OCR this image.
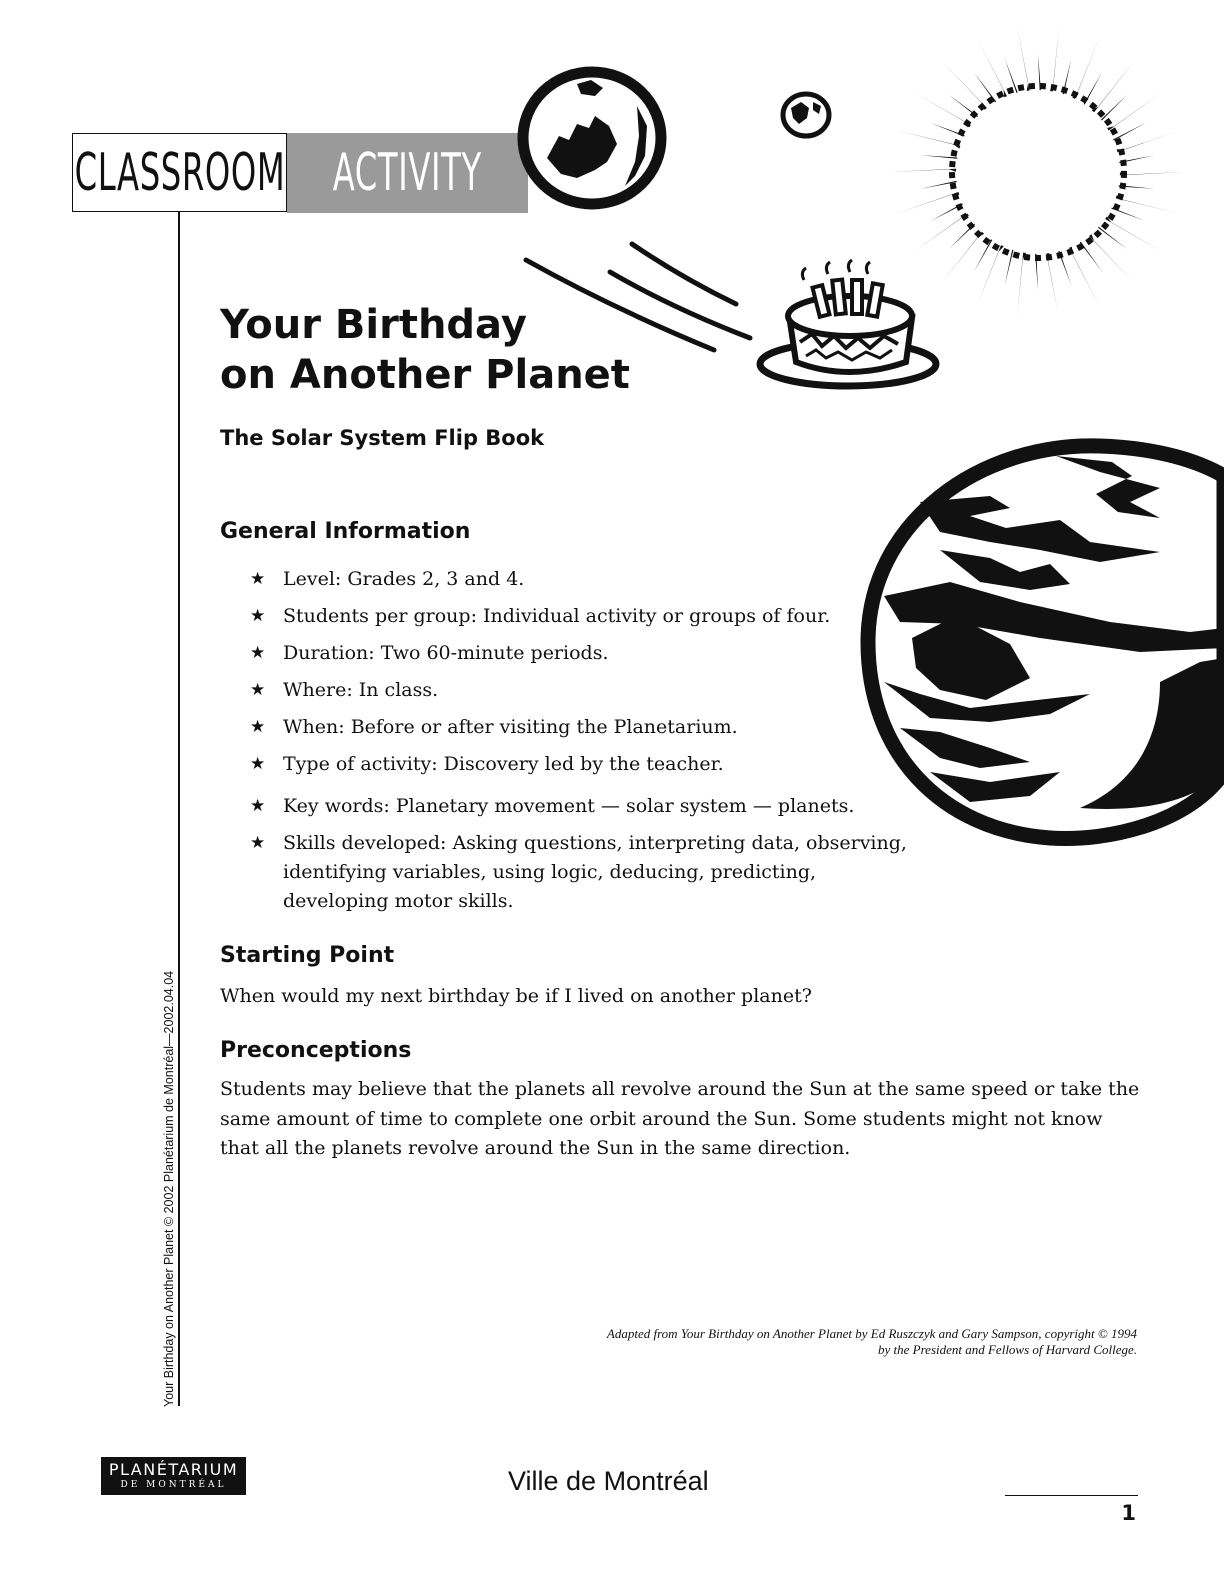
CLASSROOM ACTIVITY
Your Birthday on Another Planet © 2002 Planétarium de Montréal—2002.04.04
Your Birthday
on Another Planet
The Solar System Flip Book
General Information
★ Level: Grades 2, 3 and 4.
★ Students per group: Individual activity or groups of four.
★ Duration: Two 60-minute periods.
★ Where: In class.
★ When: Before or after visiting the Planetarium.
★ Type of activity: Discovery led by the teacher.
★ Key words: Planetary movement — solar system — planets.
★ Skills developed: Asking questions, interpreting data, observing, identifying variables, using logic, deducing, predicting, developing motor skills.
Starting Point
When would my next birthday be if I lived on another planet?
Preconceptions
Students may believe that the planets all revolve around the Sun at the same speed or take the same amount of time to complete one orbit around the Sun. Some students might not know that all the planets revolve around the Sun in the same direction.
Adapted from Your Birthday on Another Planet by Ed Ruszczyk and Gary Sampson, copyright © 1994
by the President and Fellows of Harvard College.
PLANÉTARIUM
DE MONTRÉAL	Ville de Montréal
1
